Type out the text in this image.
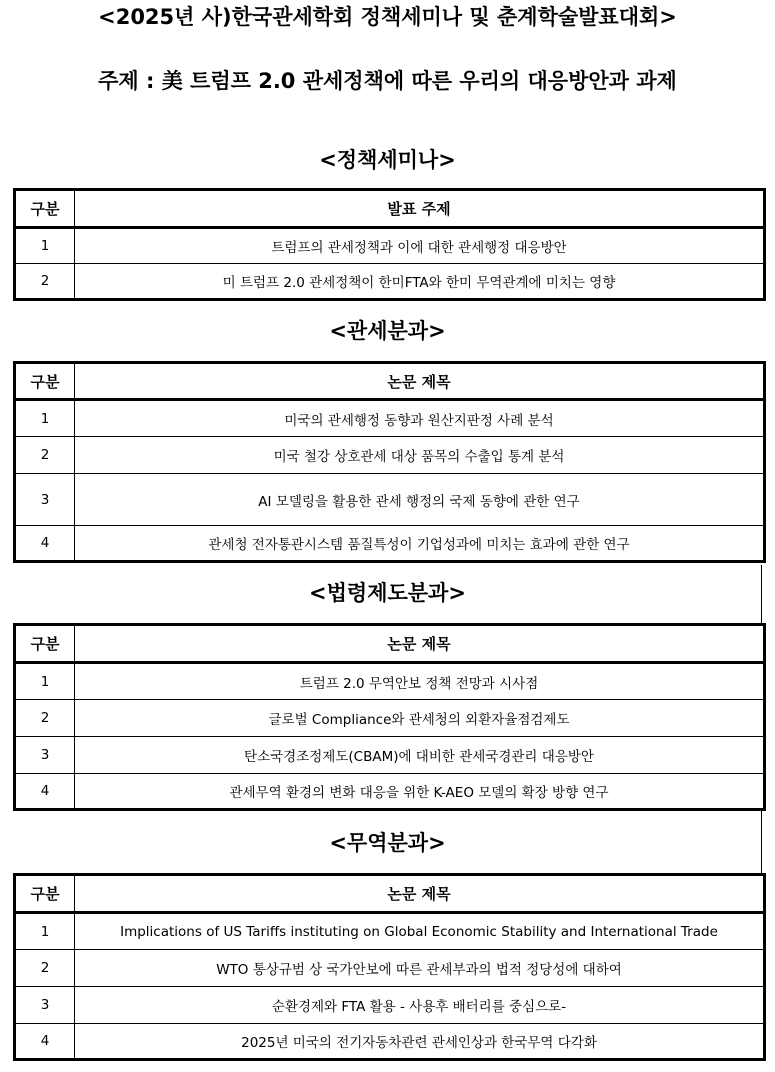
<2025년 사)한국관세학회 정책세미나 및 춘계학술발표대회>
주제 : 美 트럼프 2.0 관세정책에 따른 우리의 대응방안과 과제
<정책세미나>
구분	발표 주제
1	트럼프의 관세정책과 이에 대한 관세행정 대응방안
2	미 트럼프 2.0 관세정책이 한미FTA와 한미 무역관계에 미치는 영향
<관세분과>
구분	논문 제목
1	미국의 관세행정 동향과 원산지판정 사례 분석
2	미국 철강 상호관세 대상 품목의 수출입 통계 분석
3	AI 모델링을 활용한 관세 행정의 국제 동향에 관한 연구
4	관세청 전자통관시스템 품질특성이 기업성과에 미치는 효과에 관한 연구
<법령제도분과>
구분	논문 제목
1	트럼프 2.0 무역안보 정책 전망과 시사점
2	글로벌 Compliance와 관세청의 외환자율점검제도
3	탄소국경조정제도(CBAM)에 대비한 관세국경관리 대응방안
4	관세무역 환경의 변화 대응을 위한 K-AEO 모델의 확장 방향 연구
<무역분과>
구분	논문 제목
1	Implications of US Tariffs instituting on Global Economic Stability and International Trade
2	WTO 통상규범 상 국가안보에 따른 관세부과의 법적 정당성에 대하여
3	순환경제와 FTA 활용 - 사용후 배터리를 중심으로-
4	2025년 미국의 전기자동차관련 관세인상과 한국무역 다각화
